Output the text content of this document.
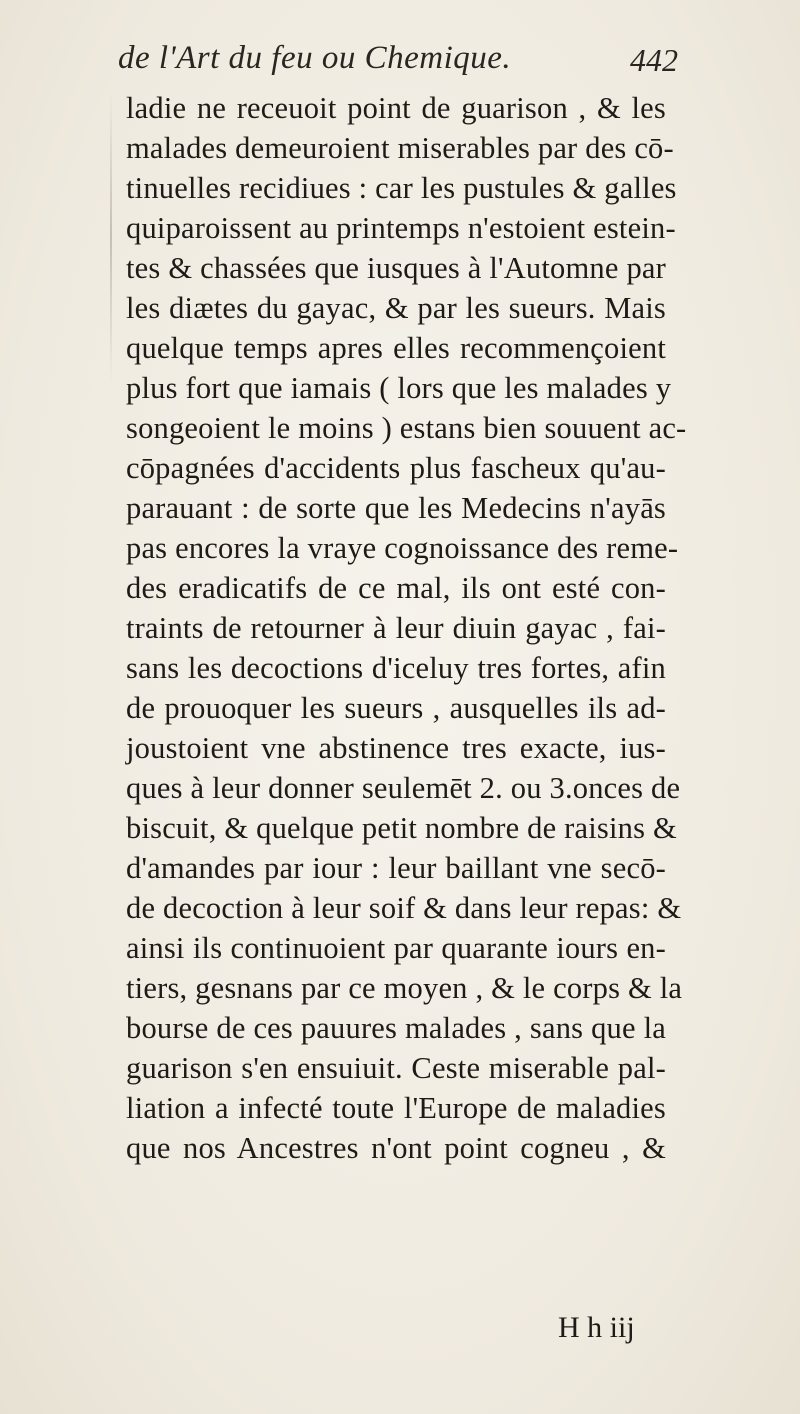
de l'Art du feu ou Chemique.	442
ladie ne receuoit point de guarison , & les
malades demeuroient miserables par des cō-
tinuelles recidiues : car les pustules & galles
quiparoissent au printemps n'estoient estein-
tes & chassées que iusques à l'Automne par
les diætes du gayac, & par les sueurs. Mais
quelque temps apres elles recommençoient
plus fort que iamais ( lors que les malades y
songeoient le moins ) estans bien souuent ac-
cōpagnées d'accidents plus fascheux qu'au-
parauant : de sorte que les Medecins n'ayās
pas encores la vraye cognoissance des reme-
des eradicatifs de ce mal, ils ont esté con-
traints de retourner à leur diuin gayac , fai-
sans les decoctions d'iceluy tres fortes, afin
de prouoquer les sueurs , ausquelles ils ad-
joustoient vne abstinence tres exacte, ius-
ques à leur donner seulemēt 2. ou 3.onces de
biscuit, & quelque petit nombre de raisins &
d'amandes par iour : leur baillant vne secō-
de decoction à leur soif & dans leur repas: &
ainsi ils continuoient par quarante iours en-
tiers, gesnans par ce moyen , & le corps & la
bourse de ces pauures malades , sans que la
guarison s'en ensuiuit. Ceste miserable pal-
liation a infecté toute l'Europe de maladies
que nos Ancestres n'ont point cogneu , &
H h iij
